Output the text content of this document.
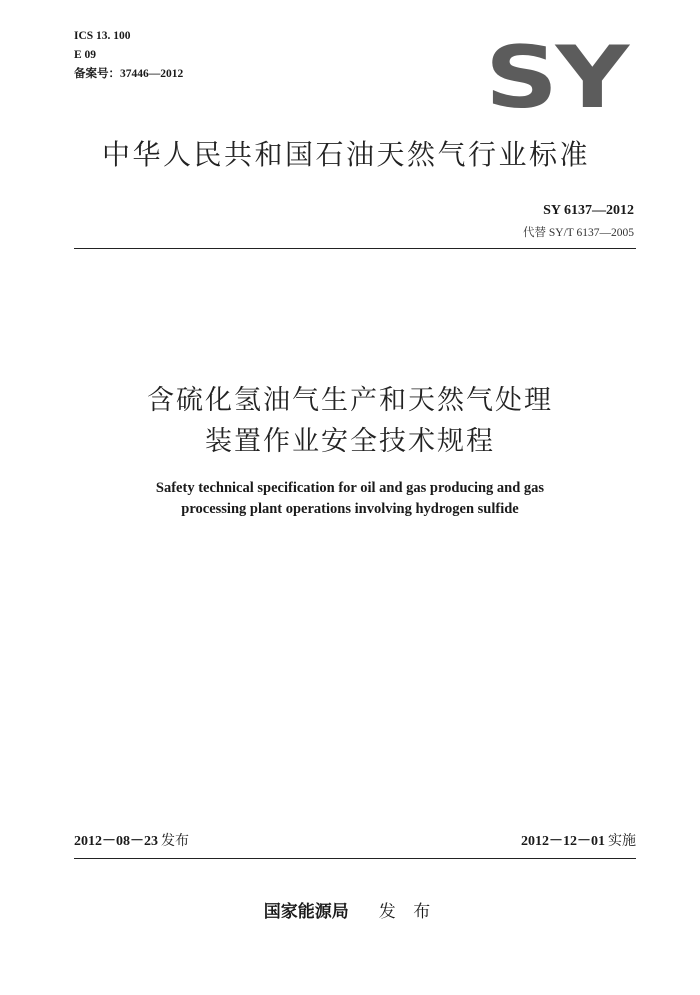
ICS 13. 100
E 09
备案号：37446—2012	SY
中华人民共和国石油天然气行业标准
SY 6137—2012
代替 SY/T 6137—2005
含硫化氢油气生产和天然气处理
装置作业安全技术规程
Safety technical specification for oil and gas producing and gas
processing plant operations involving hydrogen sulfide
2012－08－23 发布	2012－12－01 实施
国家能源局 发 布
